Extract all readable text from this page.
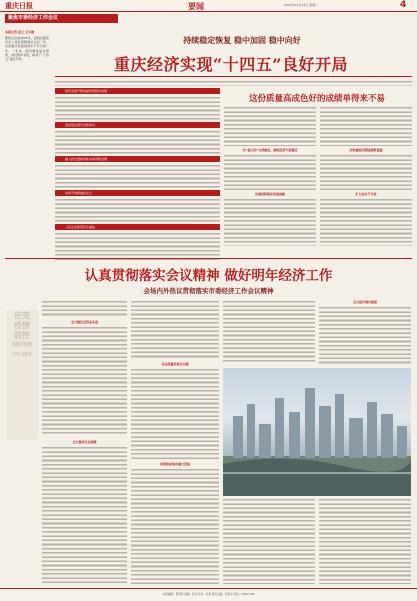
重庆日报	要闻	2021年12月21日 星期二	4
聚焦市委经济工作会议
本报记者 夏元 王天翊
都将过去的2021年，是我们国家历史上具有里程碑意义的一年，也是重庆发展进程中不平凡的一年。一年来，面对错综复杂形势，我们稳中求进，取得了“十四五”良好开局。
持续稳定恢复 稳中加固 稳中向好
重庆经济实现“十四五”良好开局
经济发展平稳恢复转型稳步加速
高质量发展迈出新步伐
融入新发展格局抓实取得新进展
改革开放释放新活力
人民生活改善民生福祉
这份质量高成色好的成绩单得来不易
以“重大的”为战略位，确保经济大局稳定	加快建设西部陆海新通道
实施创新驱动发展战略	扩大高水平开放
认真贯彻落实会议精神 做好明年经济工作
会场内外热议贯彻落实市委经济工作会议精神
应变
疫情
防控
国际消费
中心城市
全力稳住经济基本盘
全力做好民生保障
以高质量发展为主题
持续推动城乡融合发展
全力提升城市能级
本版编辑：黎荔萍 美编：张华 校对：刘青 值班主编：何建华 电话：63907188
